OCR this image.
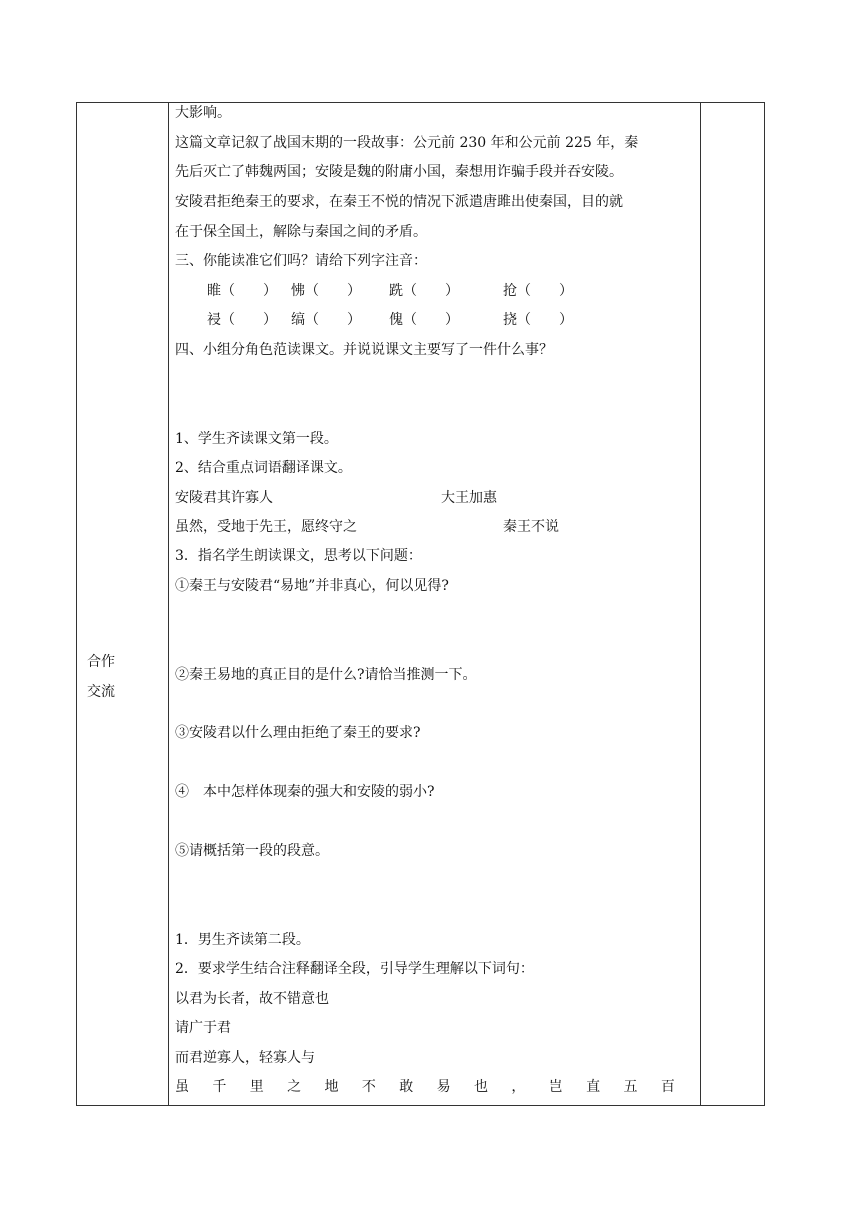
合作
交流
大影响。
这篇文章记叙了战国末期的一段故事：公元前 230 年和公元前 225 年，秦
先后灭亡了韩魏两国；安陵是魏的附庸小国，秦想用诈骗手段并吞安陵。
安陵君拒绝秦王的要求，在秦王不悦的情况下派遣唐雎出使秦国，目的就
在于保全国土，解除与秦国之间的矛盾。
三、你能读准它们吗？请给下列字注音：
睢（　　） 怫（　　） 跣（　　）	抢（　　）
祲（　　） 缟（　　） 傀（　　）	挠（　　）
四、小组分角色范读课文。并说说课文主要写了一件什么事？
1、学生齐读课文第一段。
2、结合重点词语翻译课文。
安陵君其许寡人	大王加惠
虽然，受地于先王，愿终守之	秦王不说
3．指名学生朗读课文，思考以下问题：
①秦王与安陵君“易地”并非真心，何以见得?
②秦王易地的真正目的是什么?请恰当推测一下。
③安陵君以什么理由拒绝了秦王的要求?
④　本中怎样体现秦的强大和安陵的弱小?
⑤请概括第一段的段意。
1．男生齐读第二段。
2．要求学生结合注释翻译全段，引导学生理解以下词句：
以君为长者，故不错意也
请广于君
而君逆寡人，轻寡人与
虽 千 里 之 地 不 敢 易 也 ， 岂 直 五 百
